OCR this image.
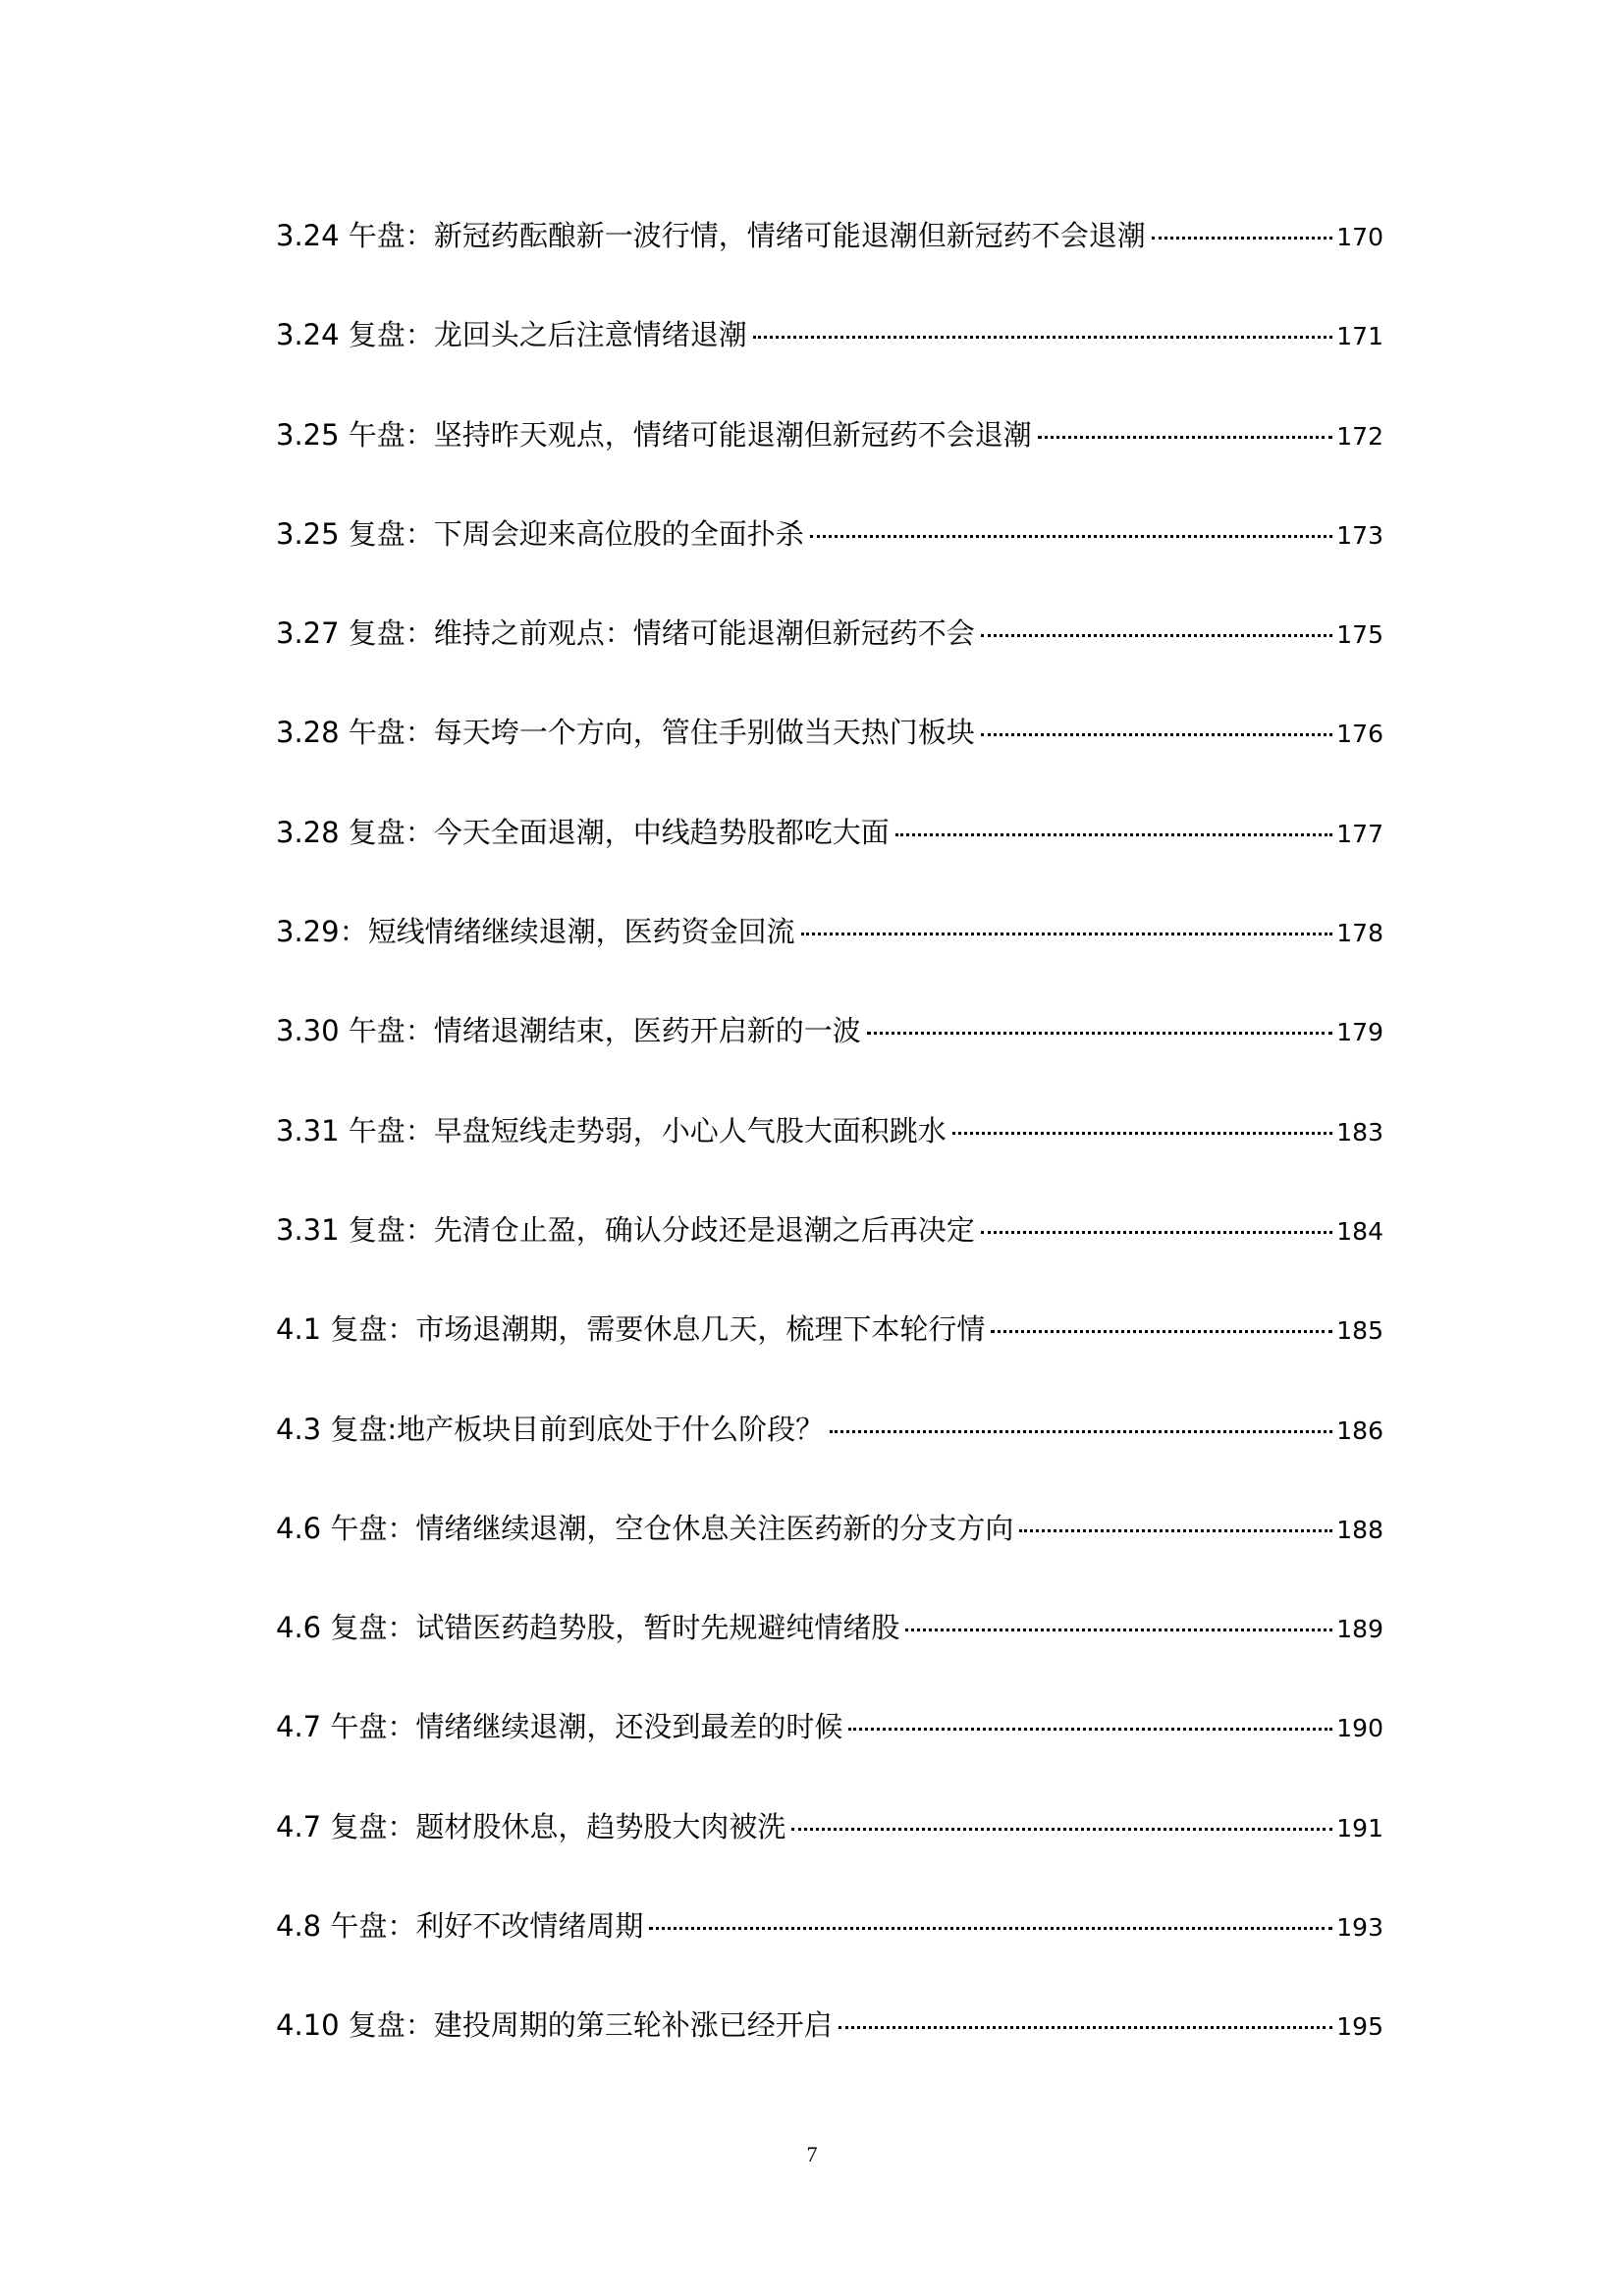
3.24 午盘：新冠药酝酿新一波行情，情绪可能退潮但新冠药不会退潮	170
3.24 复盘：龙回头之后注意情绪退潮	171
3.25 午盘：坚持昨天观点，情绪可能退潮但新冠药不会退潮	172
3.25 复盘：下周会迎来高位股的全面扑杀	173
3.27 复盘：维持之前观点：情绪可能退潮但新冠药不会	175
3.28 午盘：每天垮一个方向，管住手别做当天热门板块	176
3.28 复盘：今天全面退潮，中线趋势股都吃大面	177
3.29：短线情绪继续退潮，医药资金回流	178
3.30 午盘：情绪退潮结束，医药开启新的一波	179
3.31 午盘：早盘短线走势弱，小心人气股大面积跳水	183
3.31 复盘：先清仓止盈，确认分歧还是退潮之后再决定	184
4.1 复盘：市场退潮期，需要休息几天，梳理下本轮行情	185
4.3 复盘:地产板块目前到底处于什么阶段？	186
4.6 午盘：情绪继续退潮，空仓休息关注医药新的分支方向	188
4.6 复盘：试错医药趋势股，暂时先规避纯情绪股	189
4.7 午盘：情绪继续退潮，还没到最差的时候	190
4.7 复盘：题材股休息，趋势股大肉被洗	191
4.8 午盘：利好不改情绪周期	193
4.10 复盘：建投周期的第三轮补涨已经开启	195
7
